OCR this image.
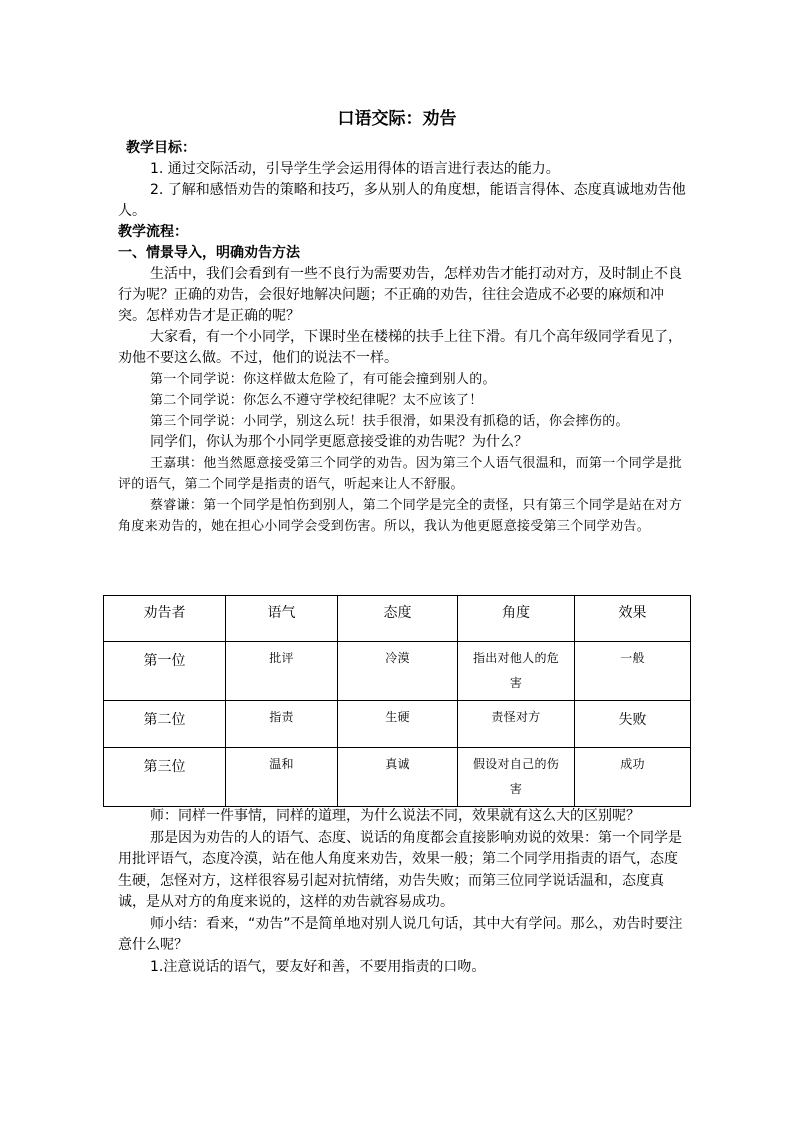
口语交际：劝告

教学目标：

1. 通过交际活动，引导学生学会运用得体的语言进行表达的能力。

2. 了解和感悟劝告的策略和技巧，多从别人的角度想，能语言得体、态度真诚地劝告他人。

教学流程：

一、情景导入，明确劝告方法

生活中，我们会看到有一些不良行为需要劝告，怎样劝告才能打动对方，及时制止不良行为呢？正确的劝告，会很好地解决问题；不正确的劝告，往往会造成不必要的麻烦和冲突。怎样劝告才是正确的呢？

大家看，有一个小同学，下课时坐在楼梯的扶手上往下滑。有几个高年级同学看见了，劝他不要这么做。不过，他们的说法不一样。

第一个同学说：你这样做太危险了，有可能会撞到别人的。

第二个同学说：你怎么不遵守学校纪律呢？太不应该了！

第三个同学说：小同学，别这么玩！扶手很滑，如果没有抓稳的话，你会摔伤的。

同学们，你认为那个小同学更愿意接受谁的劝告呢？为什么？

王嘉琪：他当然愿意接受第三个同学的劝告。因为第三个人语气很温和，而第一个同学是批评的语气，第二个同学是指责的语气，听起来让人不舒服。

蔡睿谦：第一个同学是怕伤到别人，第二个同学是完全的责怪，只有第三个同学是站在对方角度来劝告的，她在担心小同学会受到伤害。所以，我认为他更愿意接受第三个同学劝告。

劝告者	语气	态度	角度	效果
第一位	批评	冷漠	指出对他人的危害	一般
第二位	指责	生硬	责怪对方	失败
第三位	温和	真诚	假设对自己的伤害	成功

师：同样一件事情，同样的道理，为什么说法不同，效果就有这么大的区别呢？

那是因为劝告的人的语气、态度、说话的角度都会直接影响劝说的效果：第一个同学是用批评语气，态度冷漠，站在他人角度来劝告，效果一般；第二个同学用指责的语气，态度生硬，怎怪对方，这样很容易引起对抗情绪，劝告失败；而第三位同学说话温和，态度真诚，是从对方的角度来说的，这样的劝告就容易成功。

师小结：看来，“劝告”不是简单地对别人说几句话，其中大有学问。那么，劝告时要注意什么呢？

1.注意说话的语气，要友好和善，不要用指责的口吻。
